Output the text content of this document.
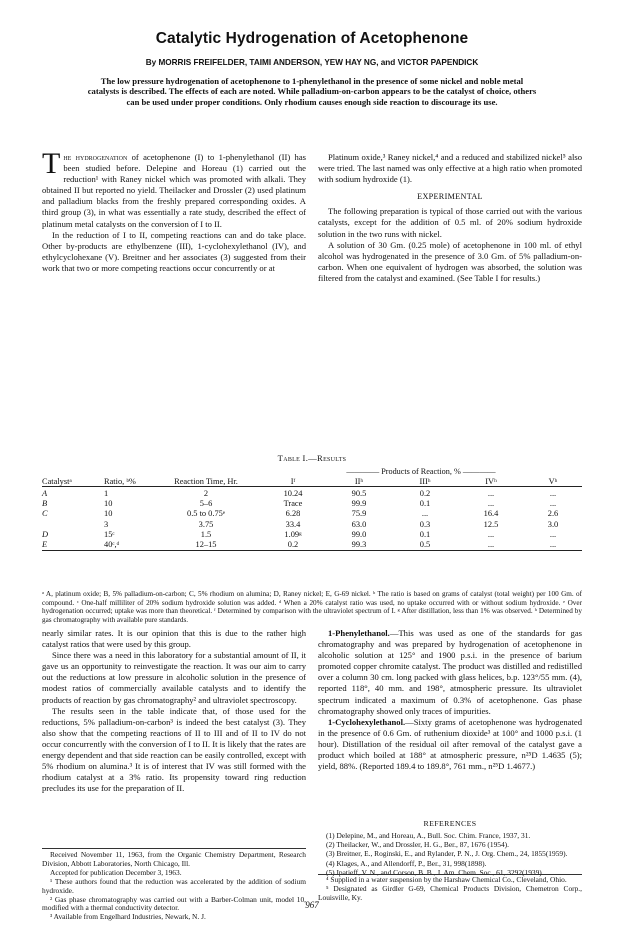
Catalytic Hydrogenation of Acetophenone
By MORRIS FREIFELDER, TAIMI ANDERSON, YEW HAY NG, and VICTOR PAPENDICK
The low pressure hydrogenation of acetophenone to 1-phenylethanol in the presence of some nickel and noble metal catalysts is described. The effects of each are noted. While palladium-on-carbon appears to be the catalyst of choice, others can be used under proper conditions. Only rhodium causes enough side reaction to discourage its use.

The hydrogenation of acetophenone (I) to 1-phenylethanol (II) has been studied before. Delepine and Horeau (1) carried out the reduction¹ with Raney nickel which was promoted with alkali. They obtained II but reported no yield. Theilacker and Drossler (2) used platinum and palladium blacks from the freshly prepared corresponding oxides. A third group (3), in what was essentially a rate study, described the effect of platinum metal catalysts on the conversion of I to II.

In the reduction of I to II, competing reactions can and do take place. Other by-products are ethylbenzene (III), 1-cyclohexylethanol (IV), and ethylcyclohexane (V). Breitner and her associates (3) suggested from their work that two or more competing reactions occur concurrently or at

Platinum oxide,³ Raney nickel,⁴ and a reduced and stabilized nickel⁵ also were tried. The last named was only effective at a high ratio when promoted with sodium hydroxide (1).

EXPERIMENTAL

The following preparation is typical of those carried out with the various catalysts, except for the addition of 0.5 ml. of 20% sodium hydroxide solution in the two runs with nickel.

A solution of 30 Gm. (0.25 mole) of acetophenone in 100 ml. of ethyl alcohol was hydrogenated in the presence of 3.0 Gm. of 5% palladium-on-carbon. When one equivalent of hydrogen was absorbed, the solution was filtered from the catalyst and examined. (See Table I for results.)

Table I.—Results
			———— Products of Reaction, % ————				
Catalystᵃ	Ratio, ᵇ%	Reaction Time, Hr.	Iᶠ	IIʰ	IIIʰ	IVʰ	Vʰ

A	1	2	10.24	90.5	0.2	...	...
B	10	5–6	Trace	99.9	0.1	...	...
C	10	0.5 to 0.75ᵉ	6.28	75.9	...	16.4	2.6
	3	3.75	33.4	63.0	0.3	12.5	3.0
D	15ᶜ	1.5	1.09ᵍ	99.0	0.1	...	...
E	40ᶜ,ᵈ	12–15	0.2	99.3	0.5	...	...

ᵃ A, platinum oxide; B, 5% palladium-on-carbon; C, 5% rhodium on alumina; D, Raney nickel; E, G-69 nickel. ᵇ The ratio is based on grams of catalyst (total weight) per 100 Gm. of compound. ᶜ One-half milliliter of 20% sodium hydroxide solution was added. ᵈ When a 20% catalyst ratio was used, no uptake occurred with or without sodium hydroxide. ᵉ Over hydrogenation occurred; uptake was more than theoretical. ᶠ Determined by comparison with the ultraviolet spectrum of I. ᵍ After distillation, less than 1% was observed. ʰ Determined by gas chromatography with available pure standards.

nearly similar rates. It is our opinion that this is due to the rather high catalyst ratios that were used by this group.

Since there was a need in this laboratory for a substantial amount of II, it gave us an opportunity to reinvestigate the reaction. It was our aim to carry out the reductions at low pressure in alcoholic solution in the presence of modest ratios of commercially available catalysts and to identify the products of reaction by gas chromatography² and ultraviolet spectroscopy.

The results seen in the table indicate that, of those used for the reductions, 5% palladium-on-carbon³ is indeed the best catalyst (3). They also show that the competing reactions of II to III and of II to IV do not occur concurrently with the conversion of I to II. It is likely that the rates are energy dependent and that side reaction can be easily controlled, except with 5% rhodium on alumina.³ It is of interest that IV was still formed with the rhodium catalyst at a 3% ratio. Its propensity toward ring reduction precludes its use for the preparation of II.

Received November 11, 1963, from the Organic Chemistry Department, Research Division, Abbott Laboratories, North Chicago, Ill.

Accepted for publication December 3, 1963.

¹ These authors found that the reduction was accelerated by the addition of sodium hydroxide.

² Gas phase chromatography was carried out with a Barber-Colman unit, model 10, modified with a thermal conductivity detector.

³ Available from Engelhard Industries, Newark, N. J.

1-Phenylethanol.—This was used as one of the standards for gas chromatography and was prepared by hydrogenation of acetophenone in alcoholic solution at 125° and 1900 p.s.i. in the presence of barium promoted copper chromite catalyst. The product was distilled and redistilled over a column 30 cm. long packed with glass helices, b.p. 123°/55 mm. (4), reported 118°, 40 mm. and 198°, atmospheric pressure. Its ultraviolet spectrum indicated a maximum of 0.3% of acetophenone. Gas phase chromatography showed only traces of impurities.

1-Cyclohexylethanol.—Sixty grams of acetophenone was hydrogenated in the presence of 0.6 Gm. of ruthenium dioxide³ at 100° and 1000 p.s.i. (1 hour). Distillation of the residual oil after removal of the catalyst gave a product which boiled at 188° at atmospheric pressure, n²⁵D 1.4635 (5); yield, 88%. (Reported 189.4 to 189.8°, 761 mm., n²⁵D 1.4677.)

REFERENCES

(1) Delepine, M., and Horeau, A., Bull. Soc. Chim. France, 1937, 31.

(2) Theilacker, W., and Drossler, H. G., Ber., 87, 1676 (1954).

(3) Breitner, E., Roginski, E., and Rylander, P. N., J. Org. Chem., 24, 1855(1959).

(4) Klages, A., and Allendorff, P., Ber., 31, 998(1898).

(5) Ipatieff, V. N., and Corson, B. B., J. Am. Chem. Soc., 61, 3292(1939).

⁴ Supplied in a water suspension by the Harshaw Chemical Co., Cleveland, Ohio.

⁵ Designated as Girdler G-69, Chemical Products Division, Chemetron Corp., Louisville, Ky.

967
